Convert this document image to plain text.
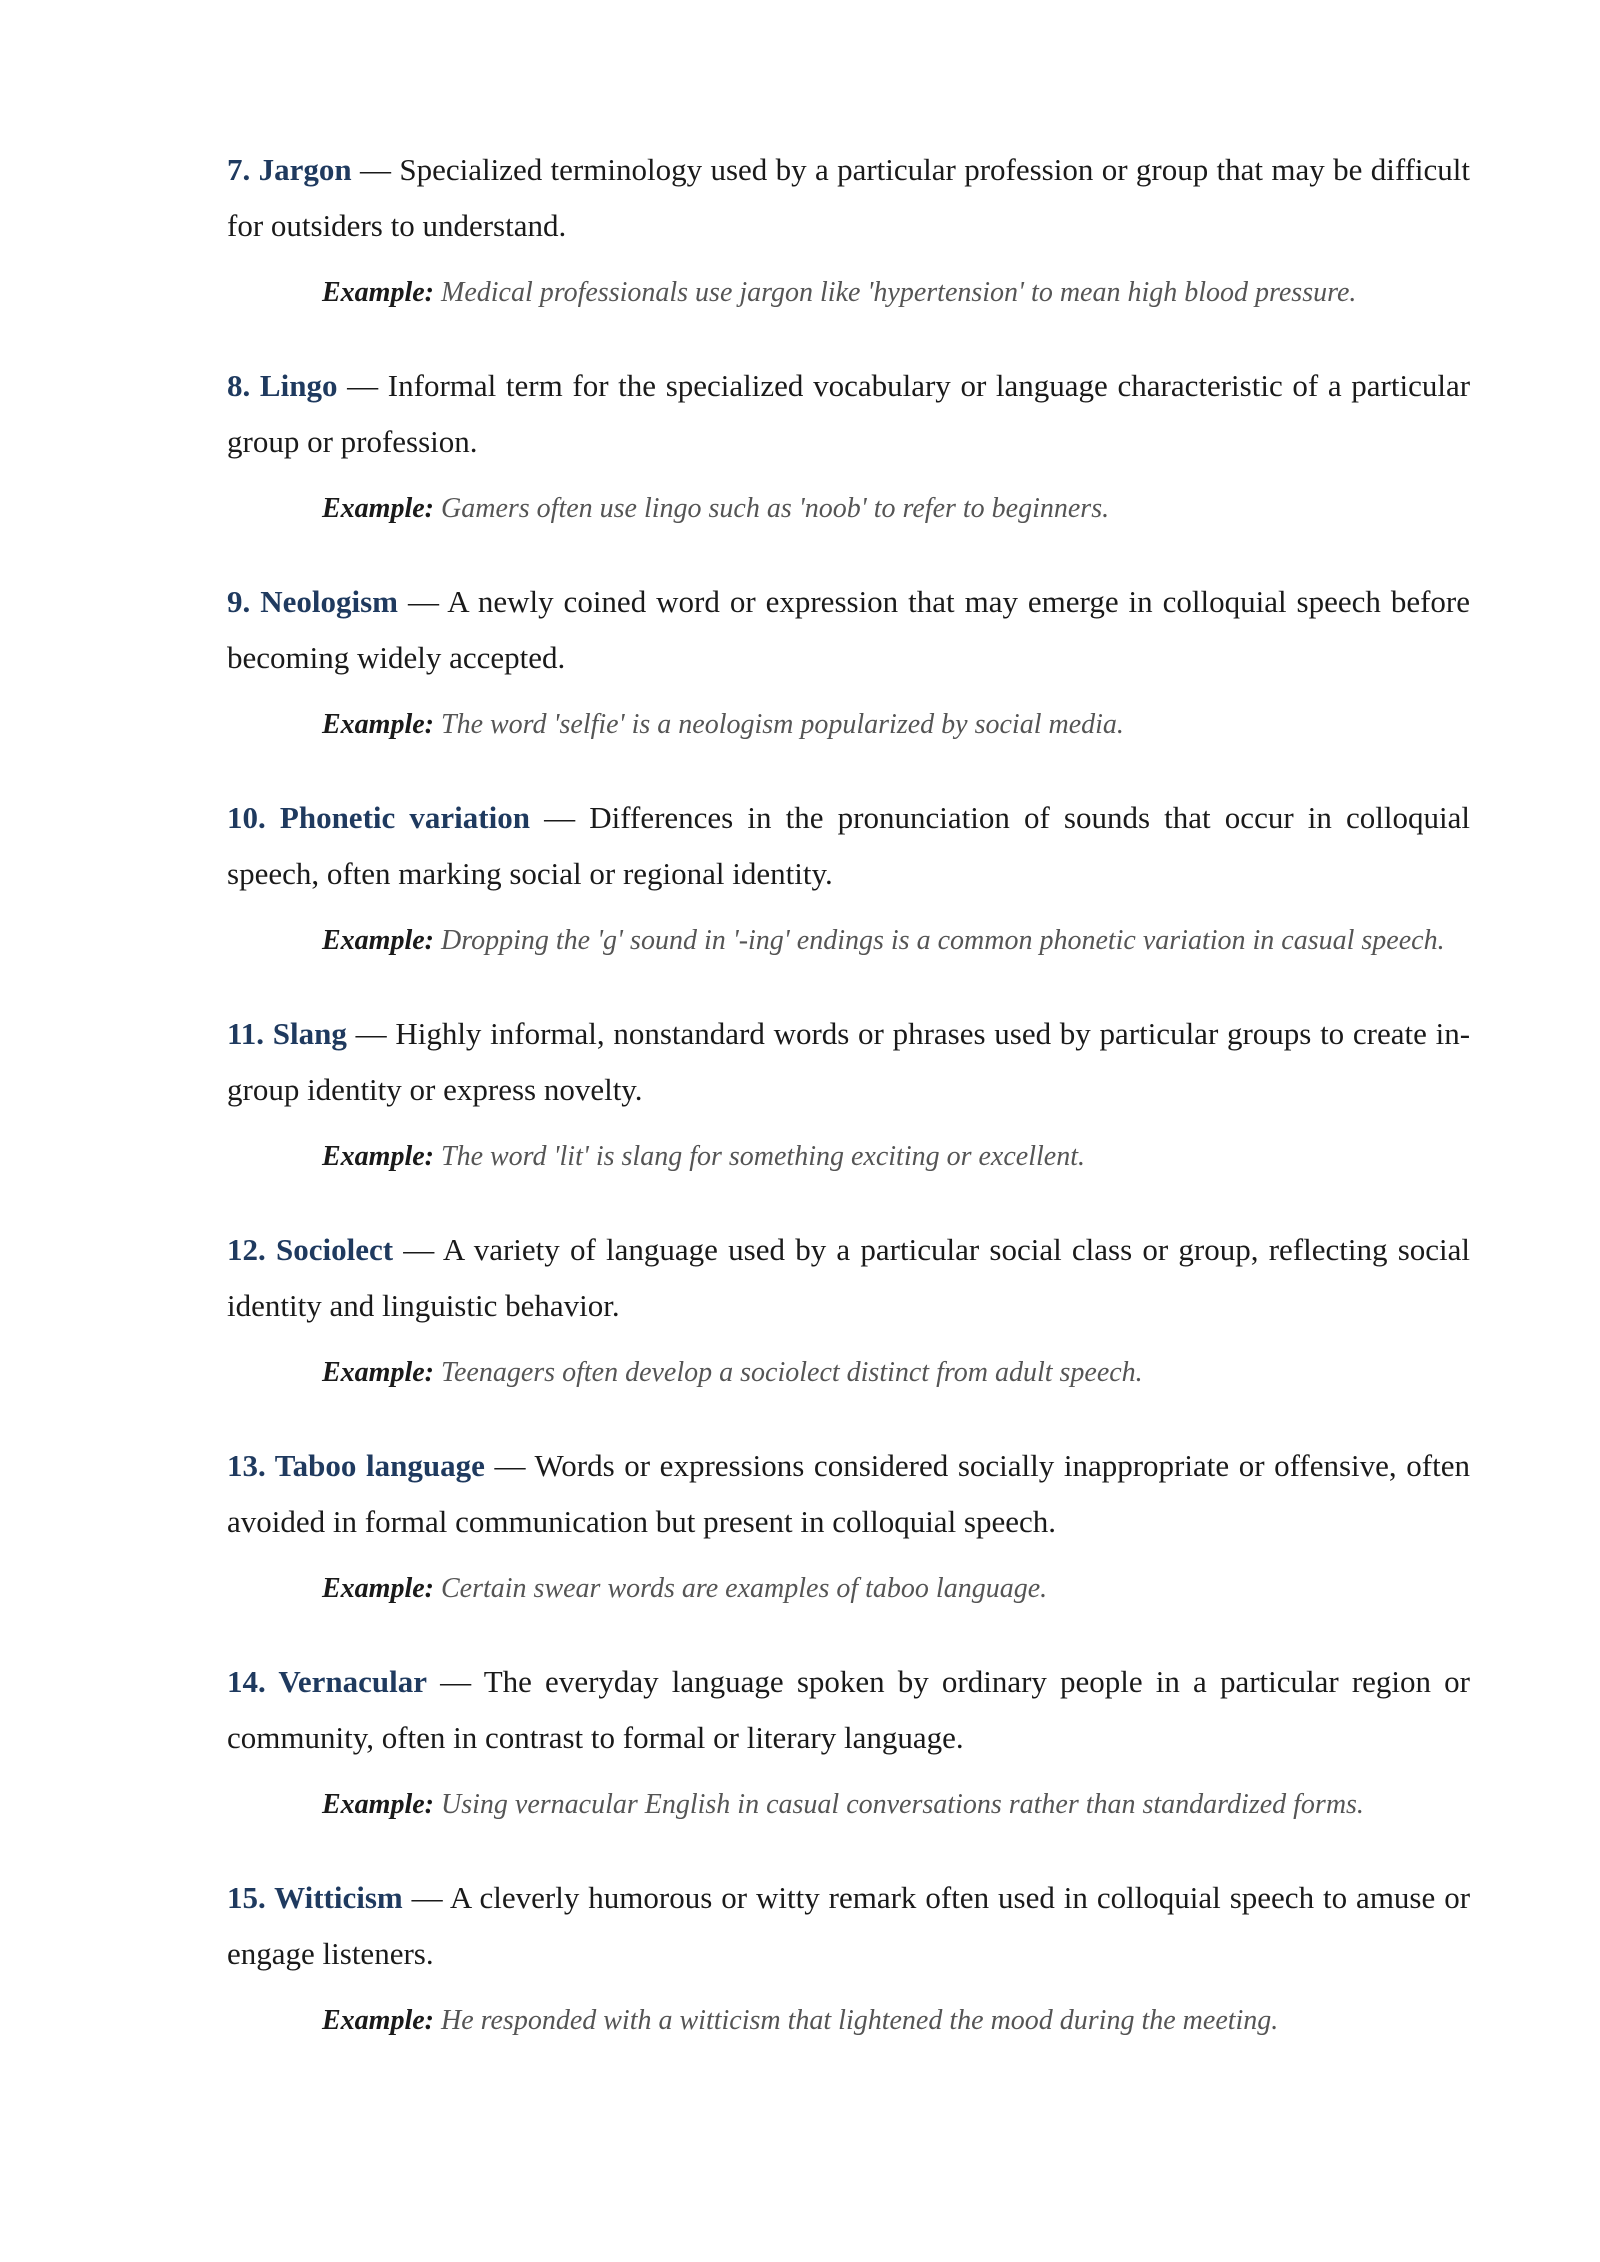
7. Jargon — Specialized terminology used by a particular profession or group that may be difficult for outsiders to understand.

Example: Medical professionals use jargon like 'hypertension' to mean high blood pressure.

8. Lingo — Informal term for the specialized vocabulary or language characteristic of a particular group or profession.

Example: Gamers often use lingo such as 'noob' to refer to beginners.

9. Neologism — A newly coined word or expression that may emerge in colloquial speech before becoming widely accepted.

Example: The word 'selfie' is a neologism popularized by social media.

10. Phonetic variation — Differences in the pronunciation of sounds that occur in colloquial speech, often marking social or regional identity.

Example: Dropping the 'g' sound in '-ing' endings is a common phonetic variation in casual speech.

11. Slang — Highly informal, nonstandard words or phrases used by particular groups to create in-group identity or express novelty.

Example: The word 'lit' is slang for something exciting or excellent.

12. Sociolect — A variety of language used by a particular social class or group, reflecting social identity and linguistic behavior.

Example: Teenagers often develop a sociolect distinct from adult speech.

13. Taboo language — Words or expressions considered socially inappropriate or offensive, often avoided in formal communication but present in colloquial speech.

Example: Certain swear words are examples of taboo language.

14. Vernacular — The everyday language spoken by ordinary people in a particular region or community, often in contrast to formal or literary language.

Example: Using vernacular English in casual conversations rather than standardized forms.

15. Witticism — A cleverly humorous or witty remark often used in colloquial speech to amuse or engage listeners.

Example: He responded with a witticism that lightened the mood during the meeting.
